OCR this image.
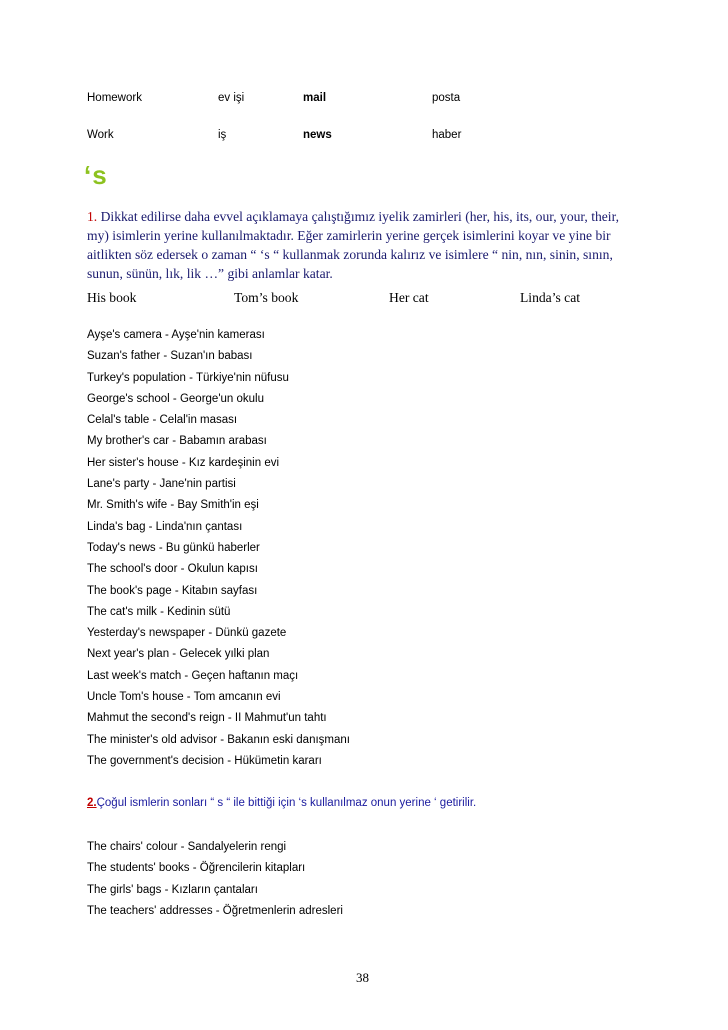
Homework	ev işi	mail	posta
Work	iş	news	haber
‘s

1. Dikkat edilirse daha evvel açıklamaya çalıştığımız iyelik zamirleri (her, his, its, our, your, their, my) isimlerin yerine kullanılmaktadır. Eğer zamirlerin yerine gerçek isimlerini koyar ve yine bir aitlikten söz edersek o zaman “ ‘s “ kullanmak zorunda kalırız ve isimlere “ nin, nın, sinin, sının, sunun, sünün, lık, lik …” gibi anlamlar katar.

His book	Tom’s book	Her cat	Linda’s cat
Ayşe's camera - Ayşe'nin kamerası
Suzan's father - Suzan'ın babası
Turkey's population - Türkiye'nin nüfusu
George's school - George'un okulu
Celal's table - Celal'in masası
My brother's car - Babamın arabası
Her sister's house - Kız kardeşinin evi
Lane's party - Jane'nin partisi
Mr. Smith's wife - Bay Smith'in eşi
Linda's bag - Linda'nın çantası
Today's news - Bu günkü haberler
The school's door - Okulun kapısı
The book's page - Kitabın sayfası
The cat's milk - Kedinin sütü
Yesterday's newspaper - Dünkü gazete
Next year's plan - Gelecek yılki plan
Last week's match - Geçen haftanın maçı
Uncle Tom's house - Tom amcanın evi
Mahmut the second's reign - II Mahmut'un tahtı
The minister's old advisor - Bakanın eski danışmanı
The government's decision - Hükümetin kararı
2.Çoğul ismlerin sonları “ s “ ile bittiği için ‘s kullanılmaz onun yerine ‘ getirilir.
The chairs' colour - Sandalyelerin rengi
The students' books - Öğrencilerin kitapları
The girls' bags - Kızların çantaları
The teachers' addresses - Öğretmenlerin adresleri
38
